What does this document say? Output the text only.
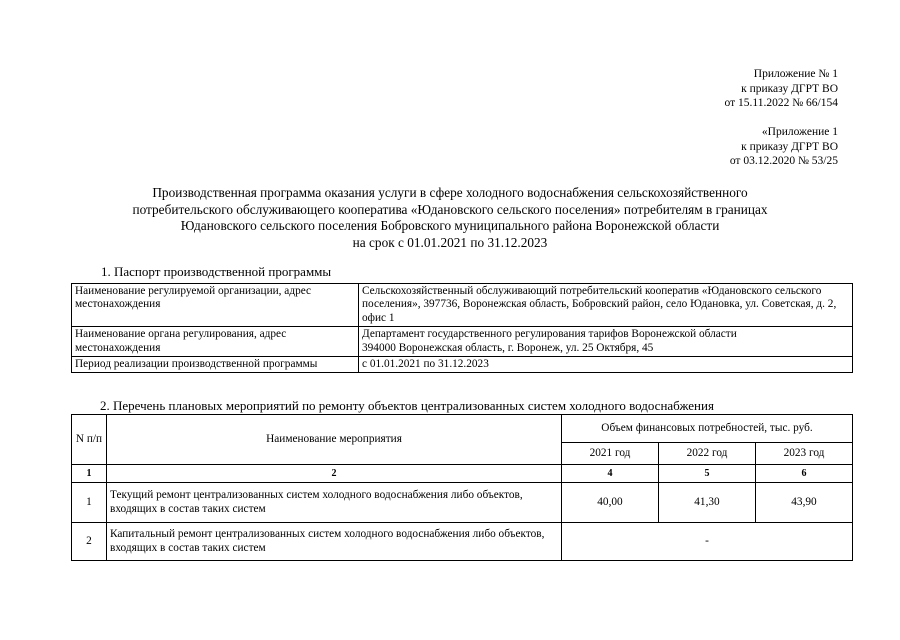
Приложение № 1
к приказу ДГРТ ВО
от 15.11.2022 № 66/154
«Приложение 1
к приказу ДГРТ ВО
от 03.12.2020 № 53/25
Производственная программа оказания услуги в сфере холодного водоснабжения сельскохозяйственного
потребительского обслуживающего кооператива «Юдановского сельского поселения» потребителям в границах
Юдановского сельского поселения Бобровского муниципального района Воронежской области
на срок с 01.01.2021 по 31.12.2023
1. Паспорт производственной программы
Наименование регулируемой организации, адрес местонахождения	Сельскохозяйственный обслуживающий потребительский кооператив «Юдановского сельского поселения», 397736, Воронежская область, Бобровский район, село Юдановка, ул. Советская, д. 2, офис 1
Наименование органа регулирования, адрес местонахождения	Департамент государственного регулирования тарифов Воронежской области
394000 Воронежская область, г. Воронеж, ул. 25 Октября, 45

Период реализации производственной программы	с 01.01.2021 по 31.12.2023
2. Перечень плановых мероприятий по ремонту объектов централизованных систем холодного водоснабжения
N п/п	Наименование мероприятия	Объем финансовых потребностей, тыс. руб.		
		2021 год	2022 год	2023 год
1	2	4	5	6
1	Текущий ремонт централизованных систем холодного водоснабжения либо объектов, входящих в состав таких систем	40,00	41,30	43,90
2	Капитальный ремонт централизованных систем холодного водоснабжения либо объектов, входящих в состав таких систем	-		
